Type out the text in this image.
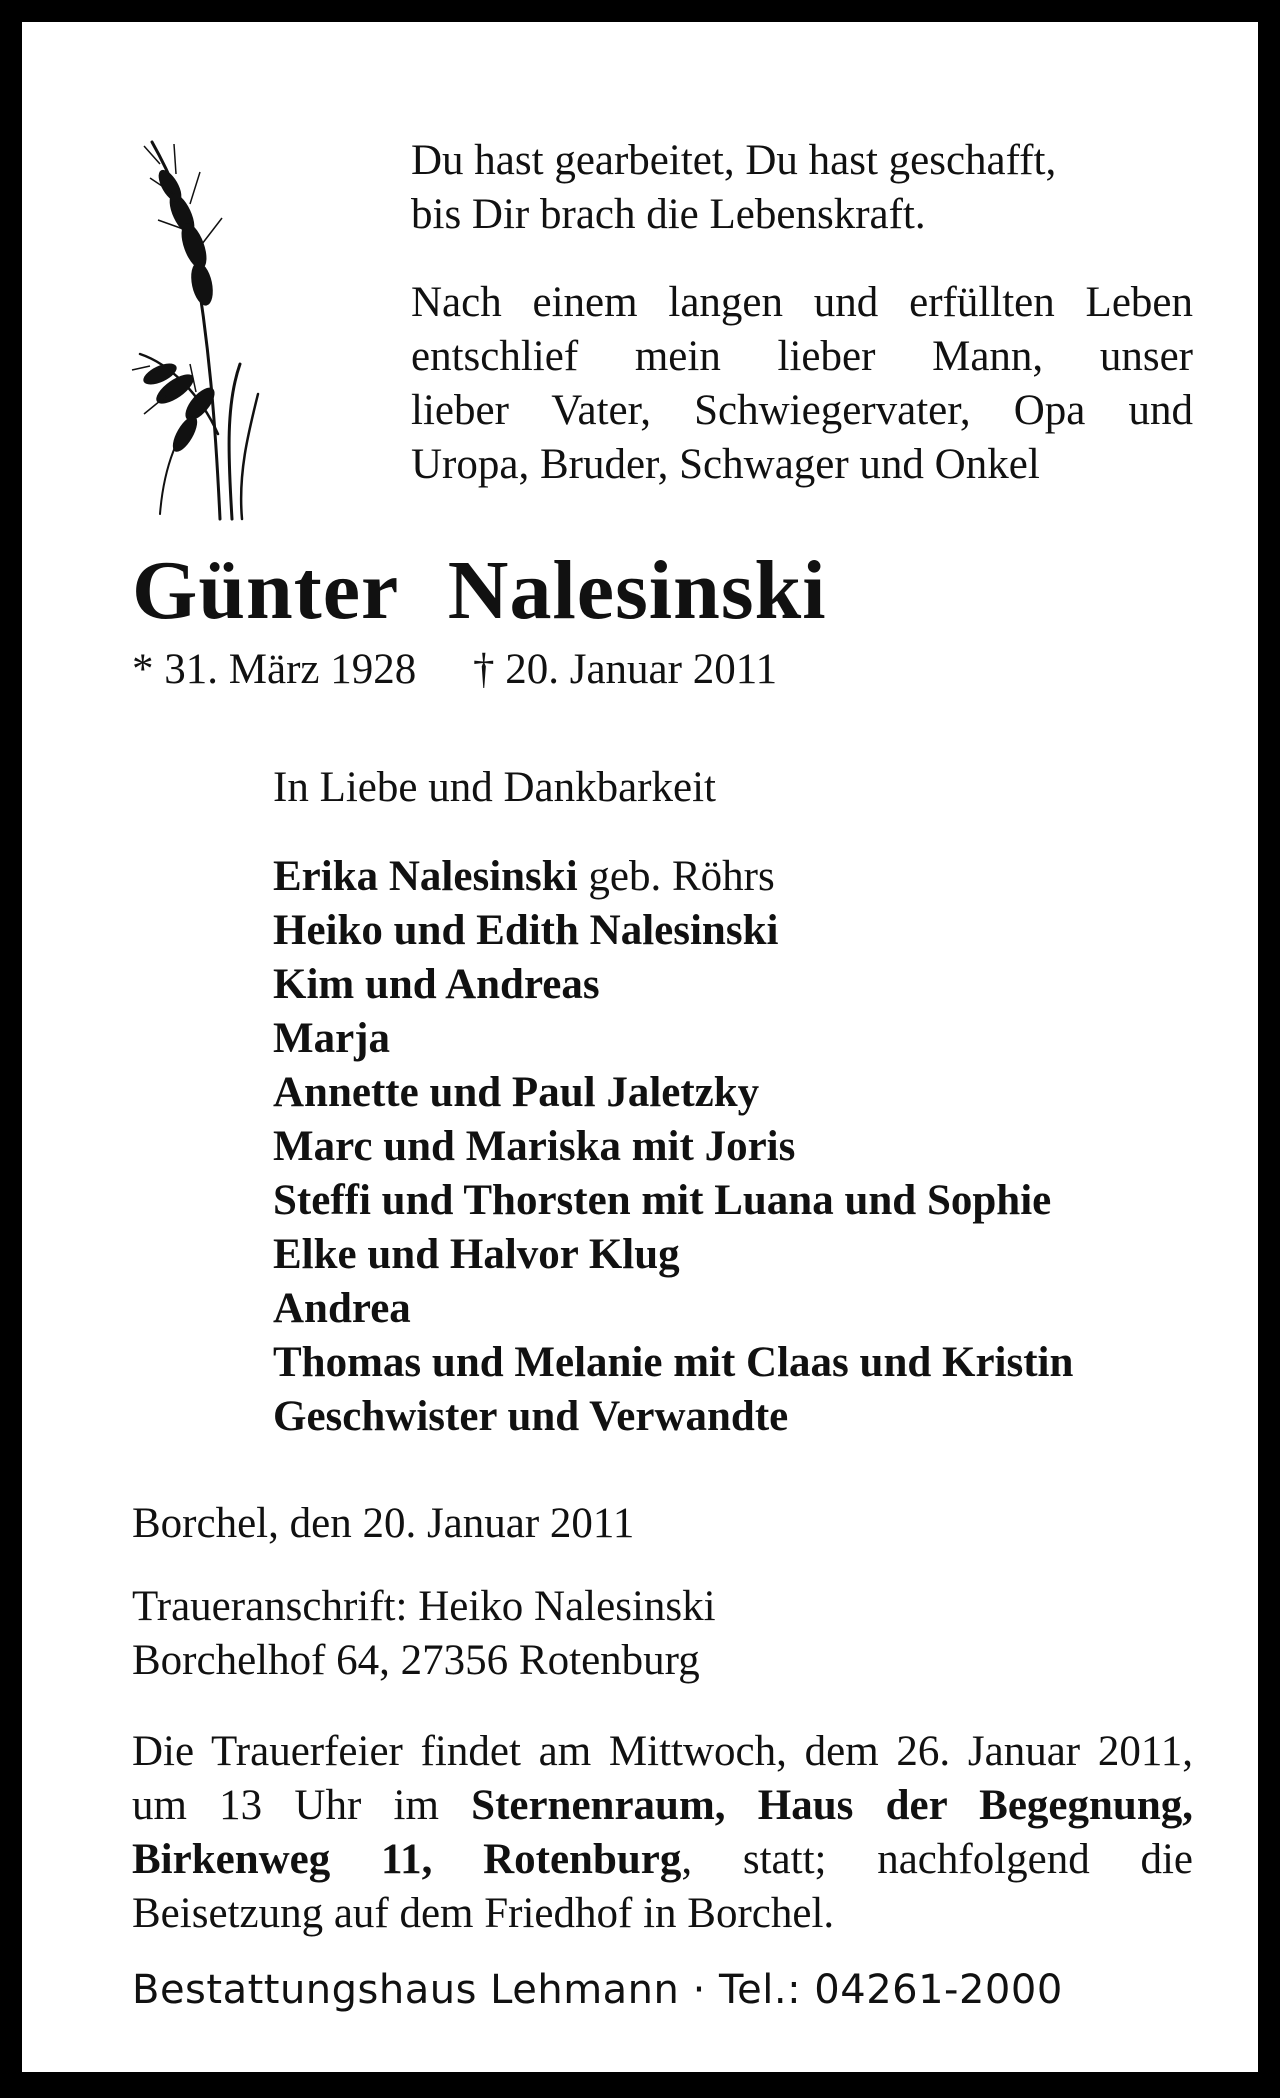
Du hast gearbeitet, Du hast geschafft,
bis Dir brach die Lebenskraft.

Nach einem langen und erfüllten Leben

entschlief mein lieber Mann, unser

lieber Vater, Schwiegervater, Opa und

Uropa, Bruder, Schwager und Onkel

Günter Nalesinski
* 31. März 1928 † 20. Januar 2011
In Liebe und Dankbarkeit
Erika Nalesinski geb. Röhrs
Heiko und Edith Nalesinski
Kim und Andreas
Marja
Annette und Paul Jaletzky
Marc und Mariska mit Joris
Steffi und Thorsten mit Luana und Sophie
Elke und Halvor Klug
Andrea
Thomas und Melanie mit Claas und Kristin
Geschwister und Verwandte
Borchel, den 20. Januar 2011
Traueranschrift: Heiko Nalesinski
Borchelhof 64, 27356 Rotenburg
Die Trauerfeier findet am Mittwoch, dem 26. Januar 2011, um 13 Uhr im Sternenraum, Haus der Begegnung, Birkenweg 11, Rotenburg, statt; nachfolgend die Beisetzung auf dem Friedhof in Borchel.
Bestattungshaus Lehmann · Tel.: 04261-2000
